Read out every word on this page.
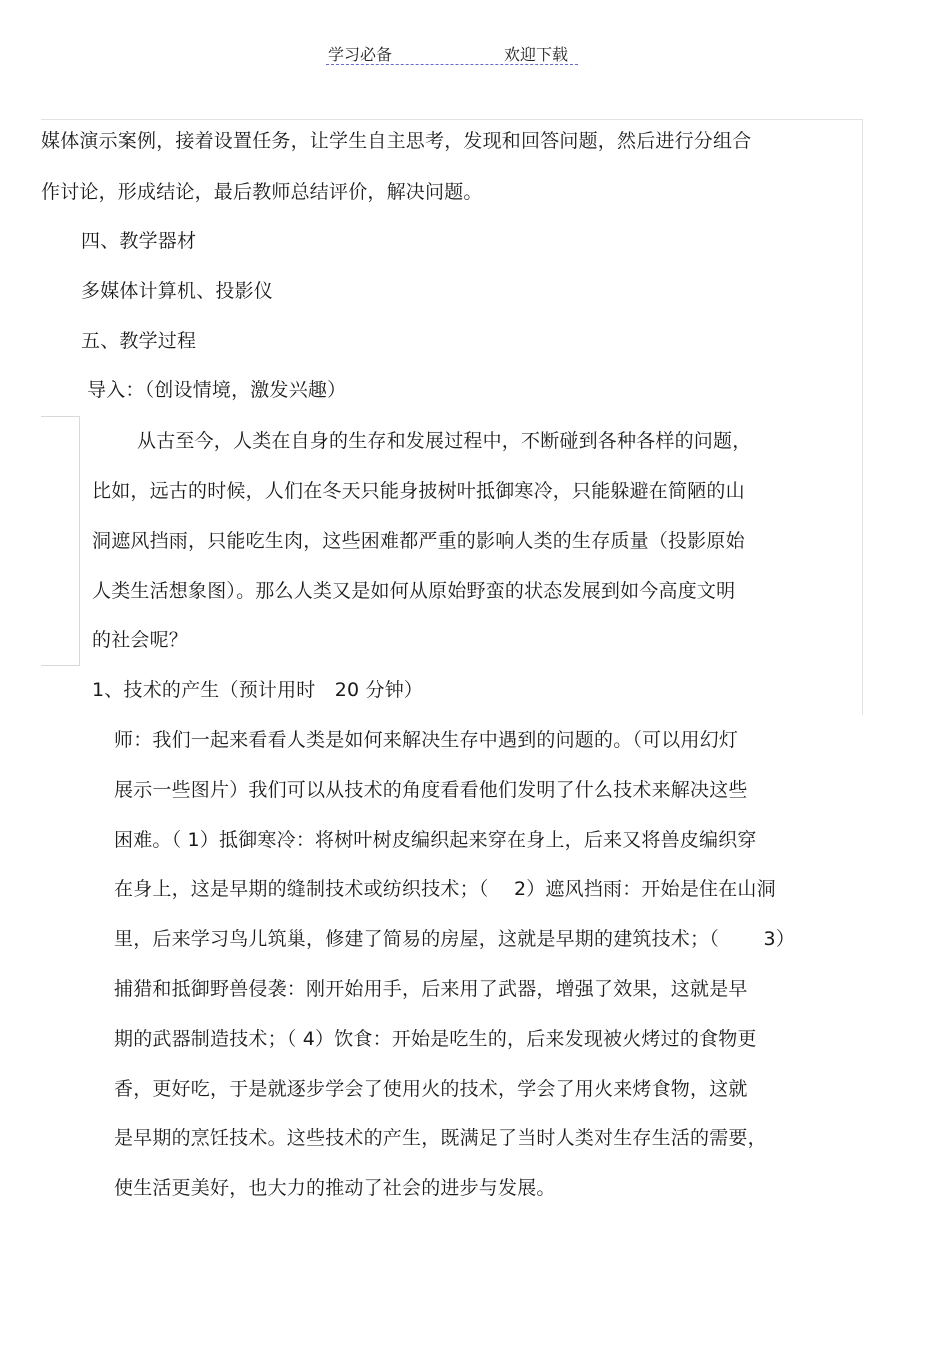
学习必备	欢迎下载
媒体演示案例，接着设置任务，让学生自主思考，发现和回答问题，然后进行分组合
作讨论，形成结论，最后教师总结评价，解决问题。
四、教学器材
多媒体计算机、投影仪
五、教学过程
导入：（创设情境，激发兴趣）
从古至今，人类在自身的生存和发展过程中，不断碰到各种各样的问题，
比如，远古的时候，人们在冬天只能身披树叶抵御寒冷，只能躲避在简陋的山
洞遮风挡雨，只能吃生肉，这些困难都严重的影响人类的生存质量（投影原始
人类生活想象图）。那么人类又是如何从原始野蛮的状态发展到如今高度文明
的社会呢？
1、技术的产生（预计用时　20 分钟）
师：我们一起来看看人类是如何来解决生存中遇到的问题的。（可以用幻灯
展示一些图片）我们可以从技术的角度看看他们发明了什么技术来解决这些
困难。（ 1）抵御寒冷：将树叶树皮编织起来穿在身上，后来又将兽皮编织穿
在身上，这是早期的缝制技术或纺织技术；（　 2）遮风挡雨：开始是住在山洞
里，后来学习鸟儿筑巢，修建了简易的房屋，这就是早期的建筑技术；（　　 3）
捕猎和抵御野兽侵袭：刚开始用手，后来用了武器，增强了效果，这就是早
期的武器制造技术；（ 4）饮食：开始是吃生的，后来发现被火烤过的食物更
香，更好吃，于是就逐步学会了使用火的技术，学会了用火来烤食物，这就
是早期的烹饪技术。这些技术的产生，既满足了当时人类对生存生活的需要，
使生活更美好，也大力的推动了社会的进步与发展。
